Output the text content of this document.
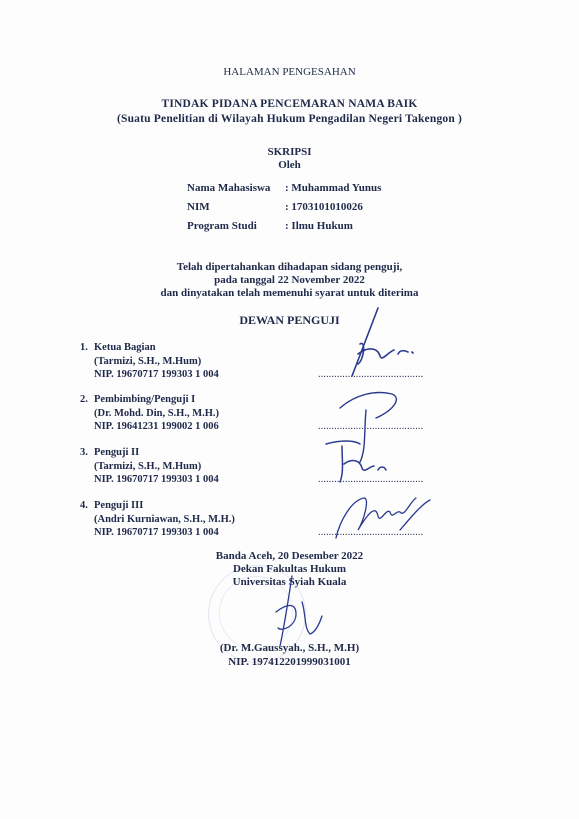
HALAMAN PENGESAHAN
TINDAK PIDANA PENCEMARAN NAMA BAIK
(Suatu Penelitian di Wilayah Hukum Pengadilan Negeri Takengon )
SKRIPSI
Oleh
Nama Mahasiswa : Muhammad Yunus
NIM	: 1703101010026
Program Studi	: Ilmu Hukum
Telah dipertahankan dihadapan sidang penguji,
pada tanggal 22 November 2022
dan dinyatakan telah memenuhi syarat untuk diterima
DEWAN PENGUJI
1. Ketua Bagian
(Tarmizi, S.H., M.Hum)
NIP. 19670717 199303 1 004	.......................................
2. Pembimbing/Penguji I
(Dr. Mohd. Din, S.H., M.H.)
NIP. 19641231 199002 1 006	.......................................
3. Penguji II
(Tarmizi, S.H., M.Hum)
NIP. 19670717 199303 1 004	.......................................
4. Penguji III
(Andri Kurniawan, S.H., M.H.)
NIP. 19670717 199303 1 004	.......................................
Banda Aceh, 20 Desember 2022
Dekan Fakultas Hukum
Universitas Syiah Kuala
(Dr. M.Gaussyah., S.H., M.H)
NIP. 197412201999031001
